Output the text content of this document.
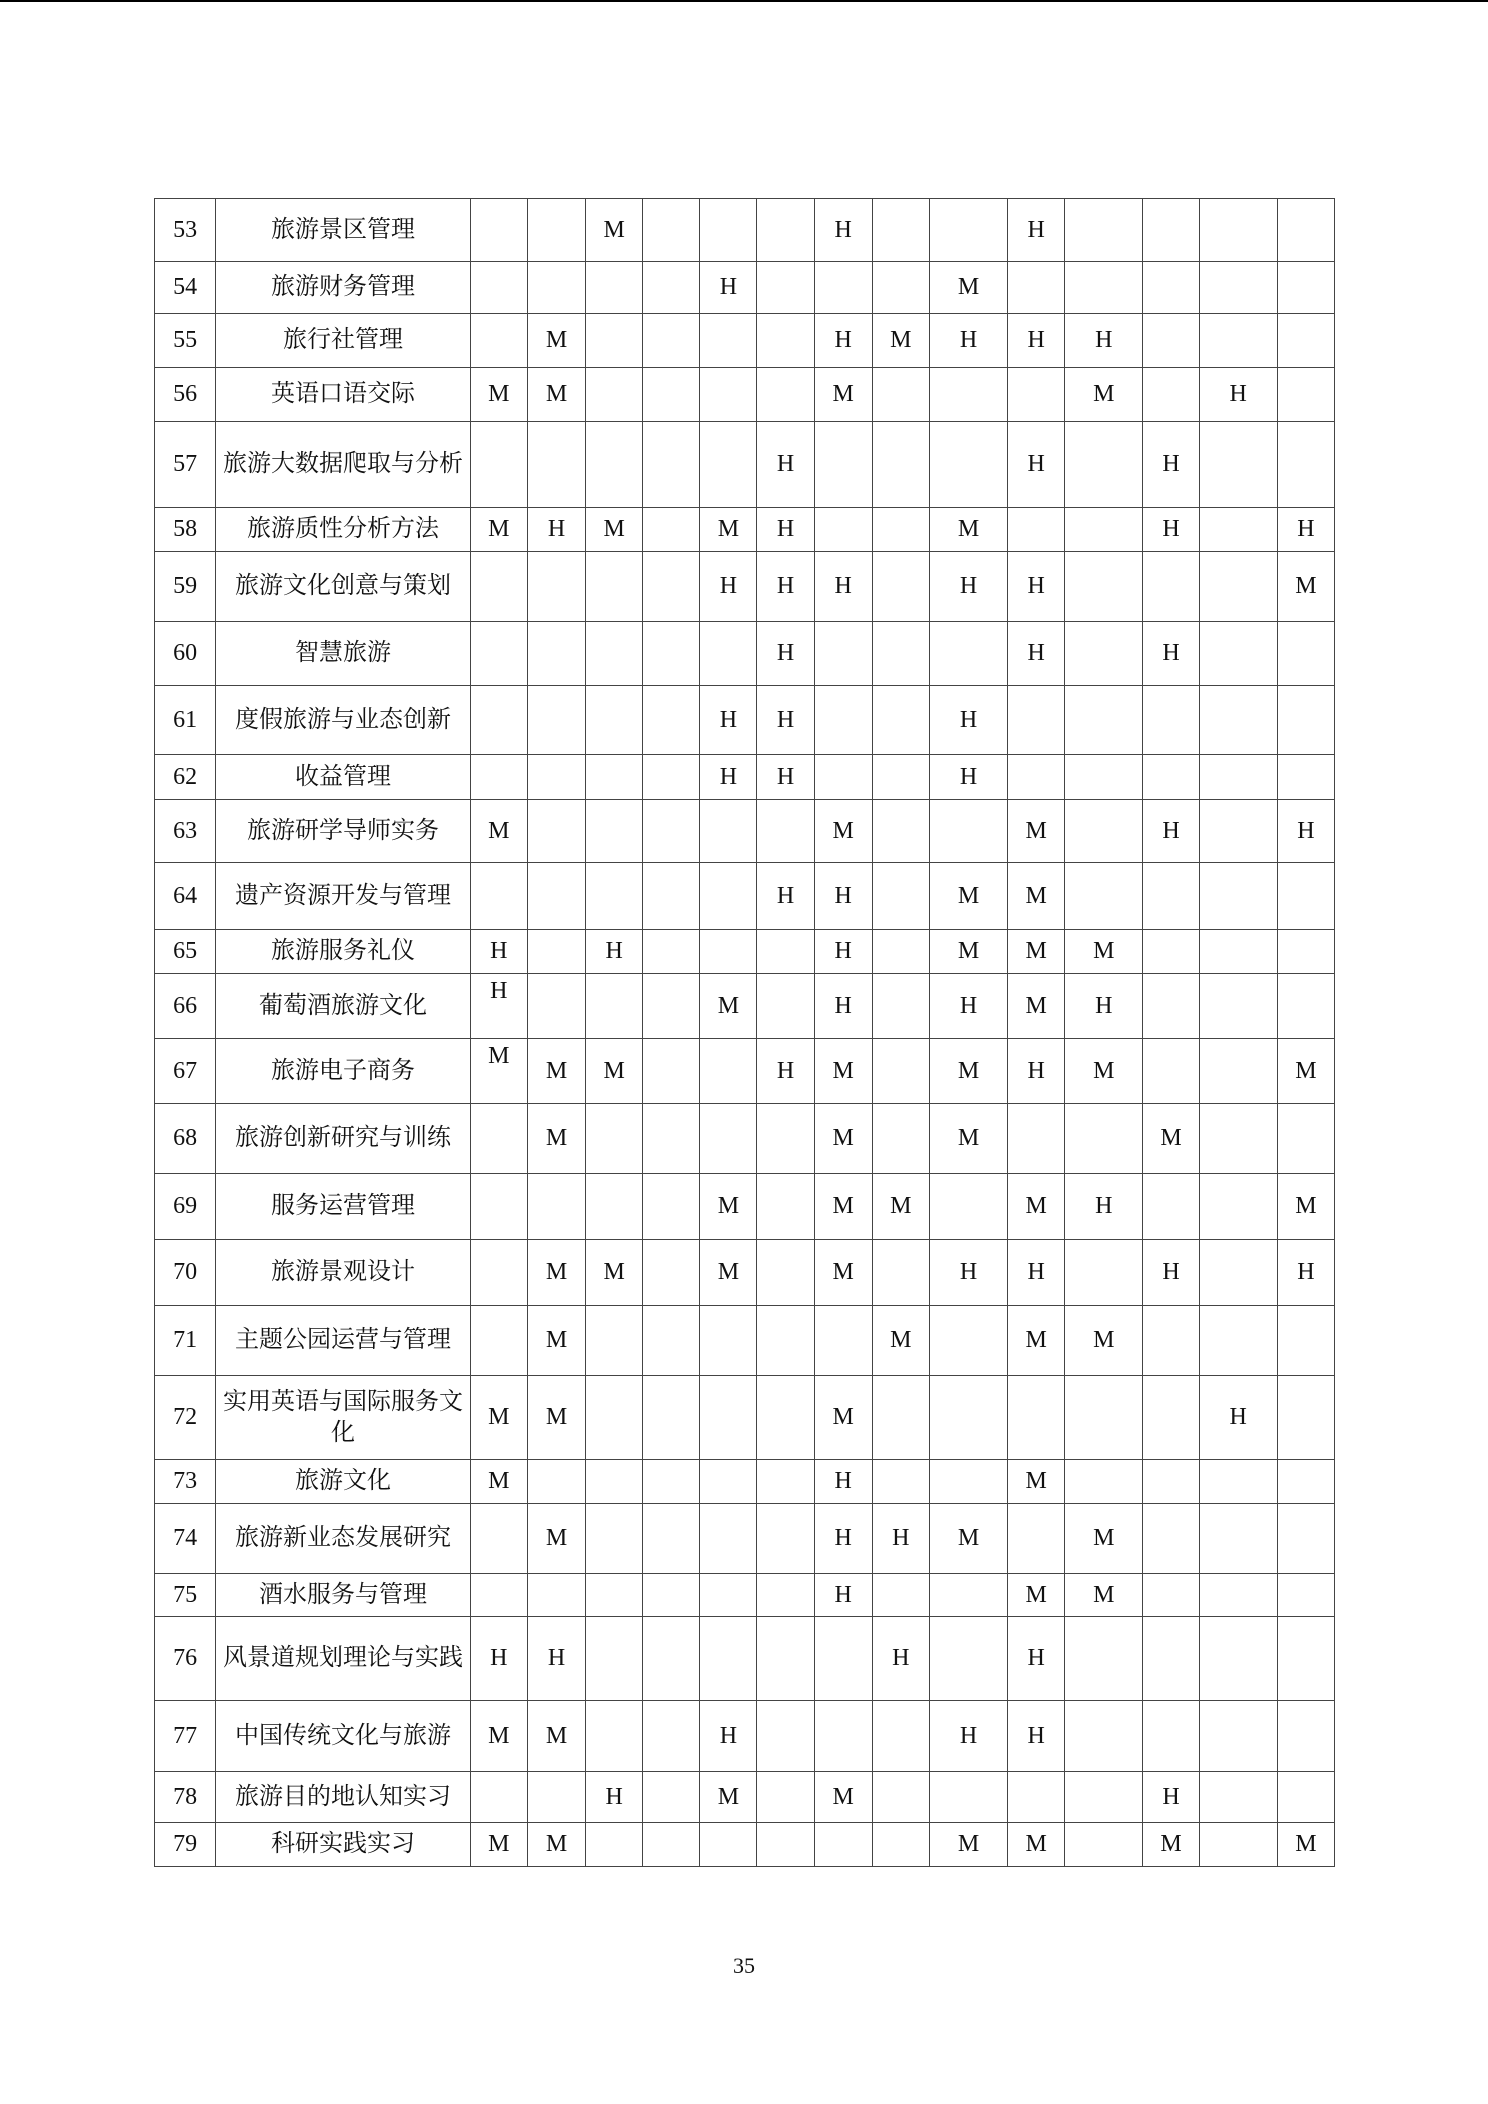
53	旅游景区管理			M				H			H				
54	旅游财务管理					H				M					
55	旅行社管理		M					H	M	H	H	H			
56	英语口语交际	M	M					M				M		H	
57	旅游大数据爬取与分析						H				H		H		
58	旅游质性分析方法	M	H	M		M	H			M			H		H
59	旅游文化创意与策划					H	H	H		H	H				M
60	智慧旅游						H				H		H		
61	度假旅游与业态创新					H	H			H					
62	收益管理					H	H			H					
63	旅游研学导师实务	M						M			M		H		H
64	遗产资源开发与管理						H	H		M	M				
65	旅游服务礼仪	H		H				H		M	M	M			
66	葡萄酒旅游文化	H				M		H		H	M	H			
67	旅游电子商务	M	M	M			H	M		M	H	M			M
68	旅游创新研究与训练		M					M		M			M		
69	服务运营管理					M		M	M		M	H			M
70	旅游景观设计		M	M		M		M		H	H		H		H
71	主题公园运营与管理		M						M		M	M			
72	实用英语与国际服务文化	M	M					M						H	
73	旅游文化	M						H			M				
74	旅游新业态发展研究		M					H	H	M		M			
75	酒水服务与管理							H			M	M			
76	风景道规划理论与实践	H	H						H		H				
77	中国传统文化与旅游	M	M			H				H	H				
78	旅游目的地认知实习			H		M		M					H		
79	科研实践实习	M	M							M	M		M		M
35
